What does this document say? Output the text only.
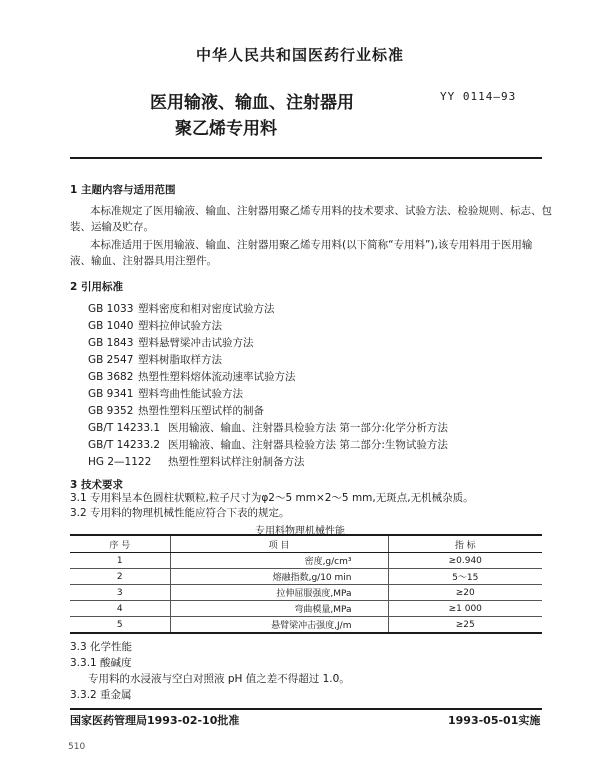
中华人民共和国医药行业标准
医用输液、输血、注射器用
聚乙烯专用料
YY 0114—93
1 主题内容与适用范围
本标准规定了医用输液、输血、注射器用聚乙烯专用料的技术要求、试验方法、检验规则、标志、包
装、运输及贮存。
本标准适用于医用输液、输血、注射器用聚乙烯专用料(以下简称“专用料”),该专用料用于医用输
液、输血、注射器具用注塑件。
2 引用标准
GB 1033 塑料密度和相对密度试验方法
GB 1040 塑料拉伸试验方法
GB 1843 塑料悬臂梁冲击试验方法
GB 2547 塑料树脂取样方法
GB 3682 热塑性塑料熔体流动速率试验方法
GB 9341 塑料弯曲性能试验方法
GB 9352 热塑性塑料压塑试样的制备
GB/T 14233.1 医用输液、输血、注射器具检验方法 第一部分:化学分析方法
GB/T 14233.2 医用输液、输血、注射器具检验方法 第二部分:生物试验方法
HG 2—1122 热塑性塑料试样注射制备方法
3 技术要求
3.1 专用料呈本色圆柱状颗粒,粒子尺寸为φ2～5 mm×2～5 mm,无斑点,无机械杂质。
3.2 专用料的物理机械性能应符合下表的规定。
专用料物理机械性能
序 号	项 目	指 标
1	密度,g/cm³	≥0.940
2	熔融指数,g/10 min	5～15
3	拉伸屈服强度,MPa	≥20
4	弯曲模量,MPa	≥1 000
5	悬臂梁冲击强度,J/m	≥25
3.3 化学性能
3.3.1 酸碱度
专用料的水浸液与空白对照液 pH 值之差不得超过 1.0。
3.3.2 重金属
国家医药管理局1993-02-10批准	1993-05-01实施
510
